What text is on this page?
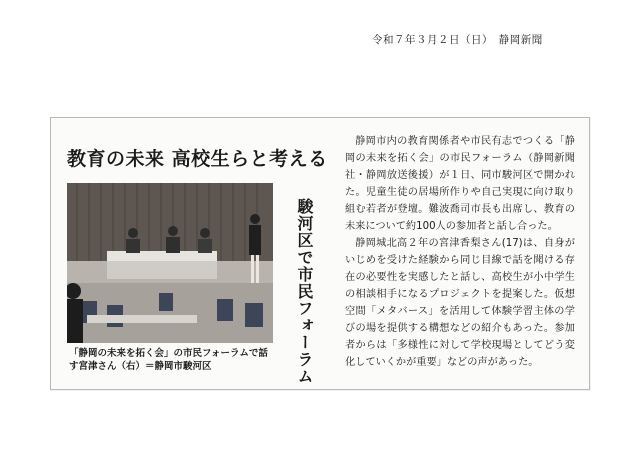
令和７年３月２日（日）　静岡新聞
教育の未来 高校生らと考える
「静岡の未来を拓く会」の市民フォーラムで話す宮津さん（右）＝静岡市駿河区	駿河区で市民フォーラム

静岡市内の教育関係者や市民有志でつくる「静岡の未来を拓く会」の市民フォーラム（静岡新聞社・静岡放送後援）が１日、同市駿河区で開かれた。児童生徒の居場所作りや自己実現に向け取り組む若者が登壇。難波喬司市長も出席し、教育の未来について約100人の参加者と話し合った。

静岡城北高２年の宮津香梨さん(17)は、自身がいじめを受けた経験から同じ目線で話を聞ける存在の必要性を実感したと話し、高校生が小中学生の相談相手になるプロジェクトを提案した。仮想空間「メタバース」を活用して体験学習主体の学びの場を提供する構想などの紹介もあった。参加者からは「多様性に対して学校現場としてどう変化していくかが重要」などの声があった。
